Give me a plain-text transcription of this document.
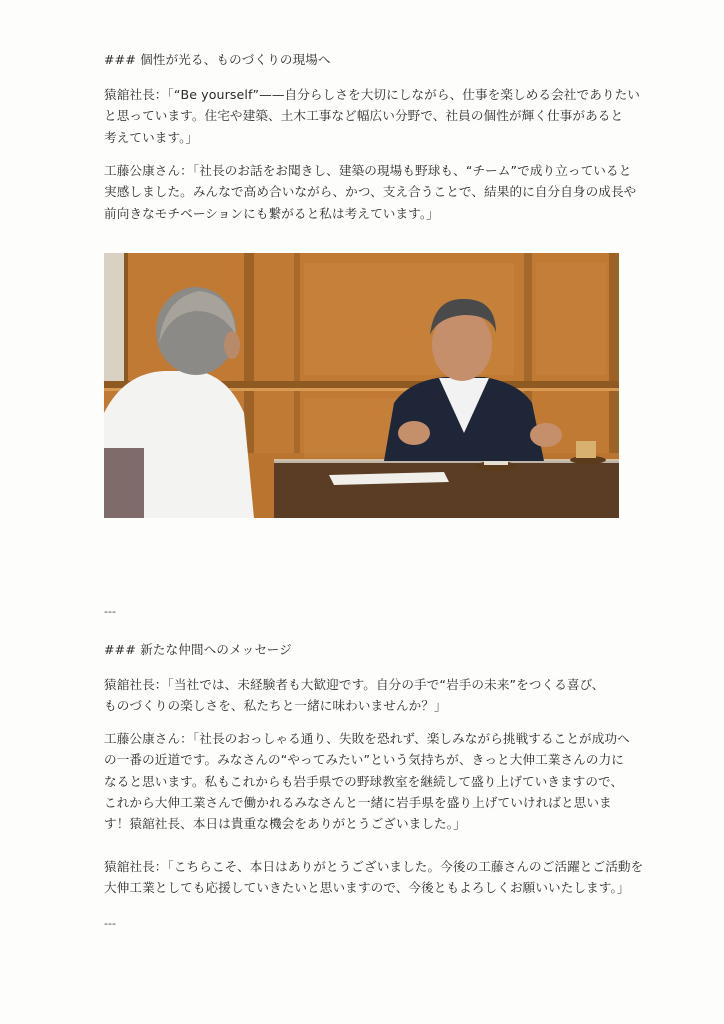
### 個性が光る、ものづくりの現場へ
猿舘社長：「“Be yourself”——自分らしさを大切にしながら、仕事を楽しめる会社でありたい
と思っています。住宅や建築、土木工事など幅広い分野で、社員の個性が輝く仕事があると
考えています。」
工藤公康さん：「社長のお話をお聞きし、建築の現場も野球も、“チーム”で成り立っていると
実感しました。みんなで高め合いながら、かつ、支え合うことで、結果的に自分自身の成長や
前向きなモチベーションにも繋がると私は考えています。」
---
### 新たな仲間へのメッセージ
猿舘社長：「当社では、未経験者も大歓迎です。自分の手で“岩手の未来”をつくる喜び、
ものづくりの楽しさを、私たちと一緒に味わいませんか？」
工藤公康さん：「社長のおっしゃる通り、失敗を恐れず、楽しみながら挑戦することが成功へ
の一番の近道です。みなさんの“やってみたい”という気持ちが、きっと大伸工業さんの力に
なると思います。私もこれからも岩手県での野球教室を継続して盛り上げていきますので、
これから大伸工業さんで働かれるみなさんと一緒に岩手県を盛り上げていければと思いま
す！猿舘社長、本日は貴重な機会をありがとうございました。」
猿舘社長：「こちらこそ、本日はありがとうございました。今後の工藤さんのご活躍とご活動を
大伸工業としても応援していきたいと思いますので、今後ともよろしくお願いいたします。」
---
